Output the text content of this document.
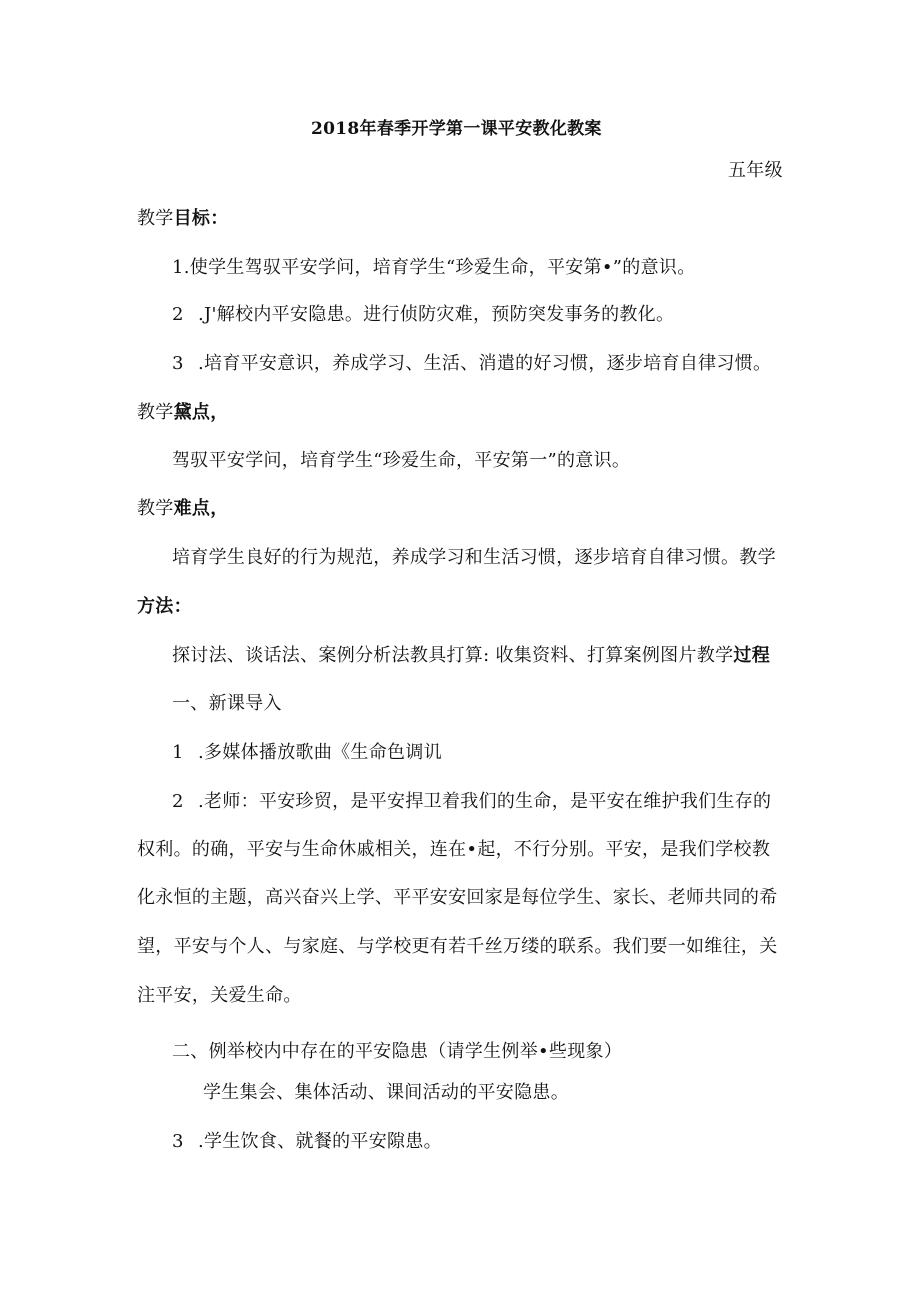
2018年春季开学第一课平安教化教案

五年级

教学目标：

1.使学生驾驭平安学问，培育学生“珍爱生命，平安第•”的意识。

2 .J'解校内平安隐患。进行侦防灾难，预防突发事务的教化。

3 .培育平安意识，养成学习、生活、消遣的好习惯，逐步培育自律习惯。

教学黛点，

驾驭平安学问，培育学生“珍爱生命，平安第一”的意识。

教学难点，

培育学生良好的行为规范，养成学习和生活习惯，逐步培育自律习惯。教学

方法：

探讨法、谈话法、案例分析法教具打算: 收集资料、打算案例图片教学过程

一、新课导入

1 .多媒体播放歌曲《生命色调讥

2 .老师：平安珍贸，是平安捍卫着我们的生命，是平安在维护我们生存的

权利。的确，平安与生命休戚相关，连在•起，不行分别。平安，是我们学校教

化永恒的主题，高兴奋兴上学、平平安安回家是每位学生、家长、老师共同的希

望，平安与个人、与家庭、与学校更有若千丝万缕的联系。我们要一如维往，关

注平安，关爱生命。

二、例举校内中存在的平安隐患（请学生例举•些现象）

学生集会、集体活动、课间活动的平安隐患。

3 .学生饮食、就餐的平安隙患。
